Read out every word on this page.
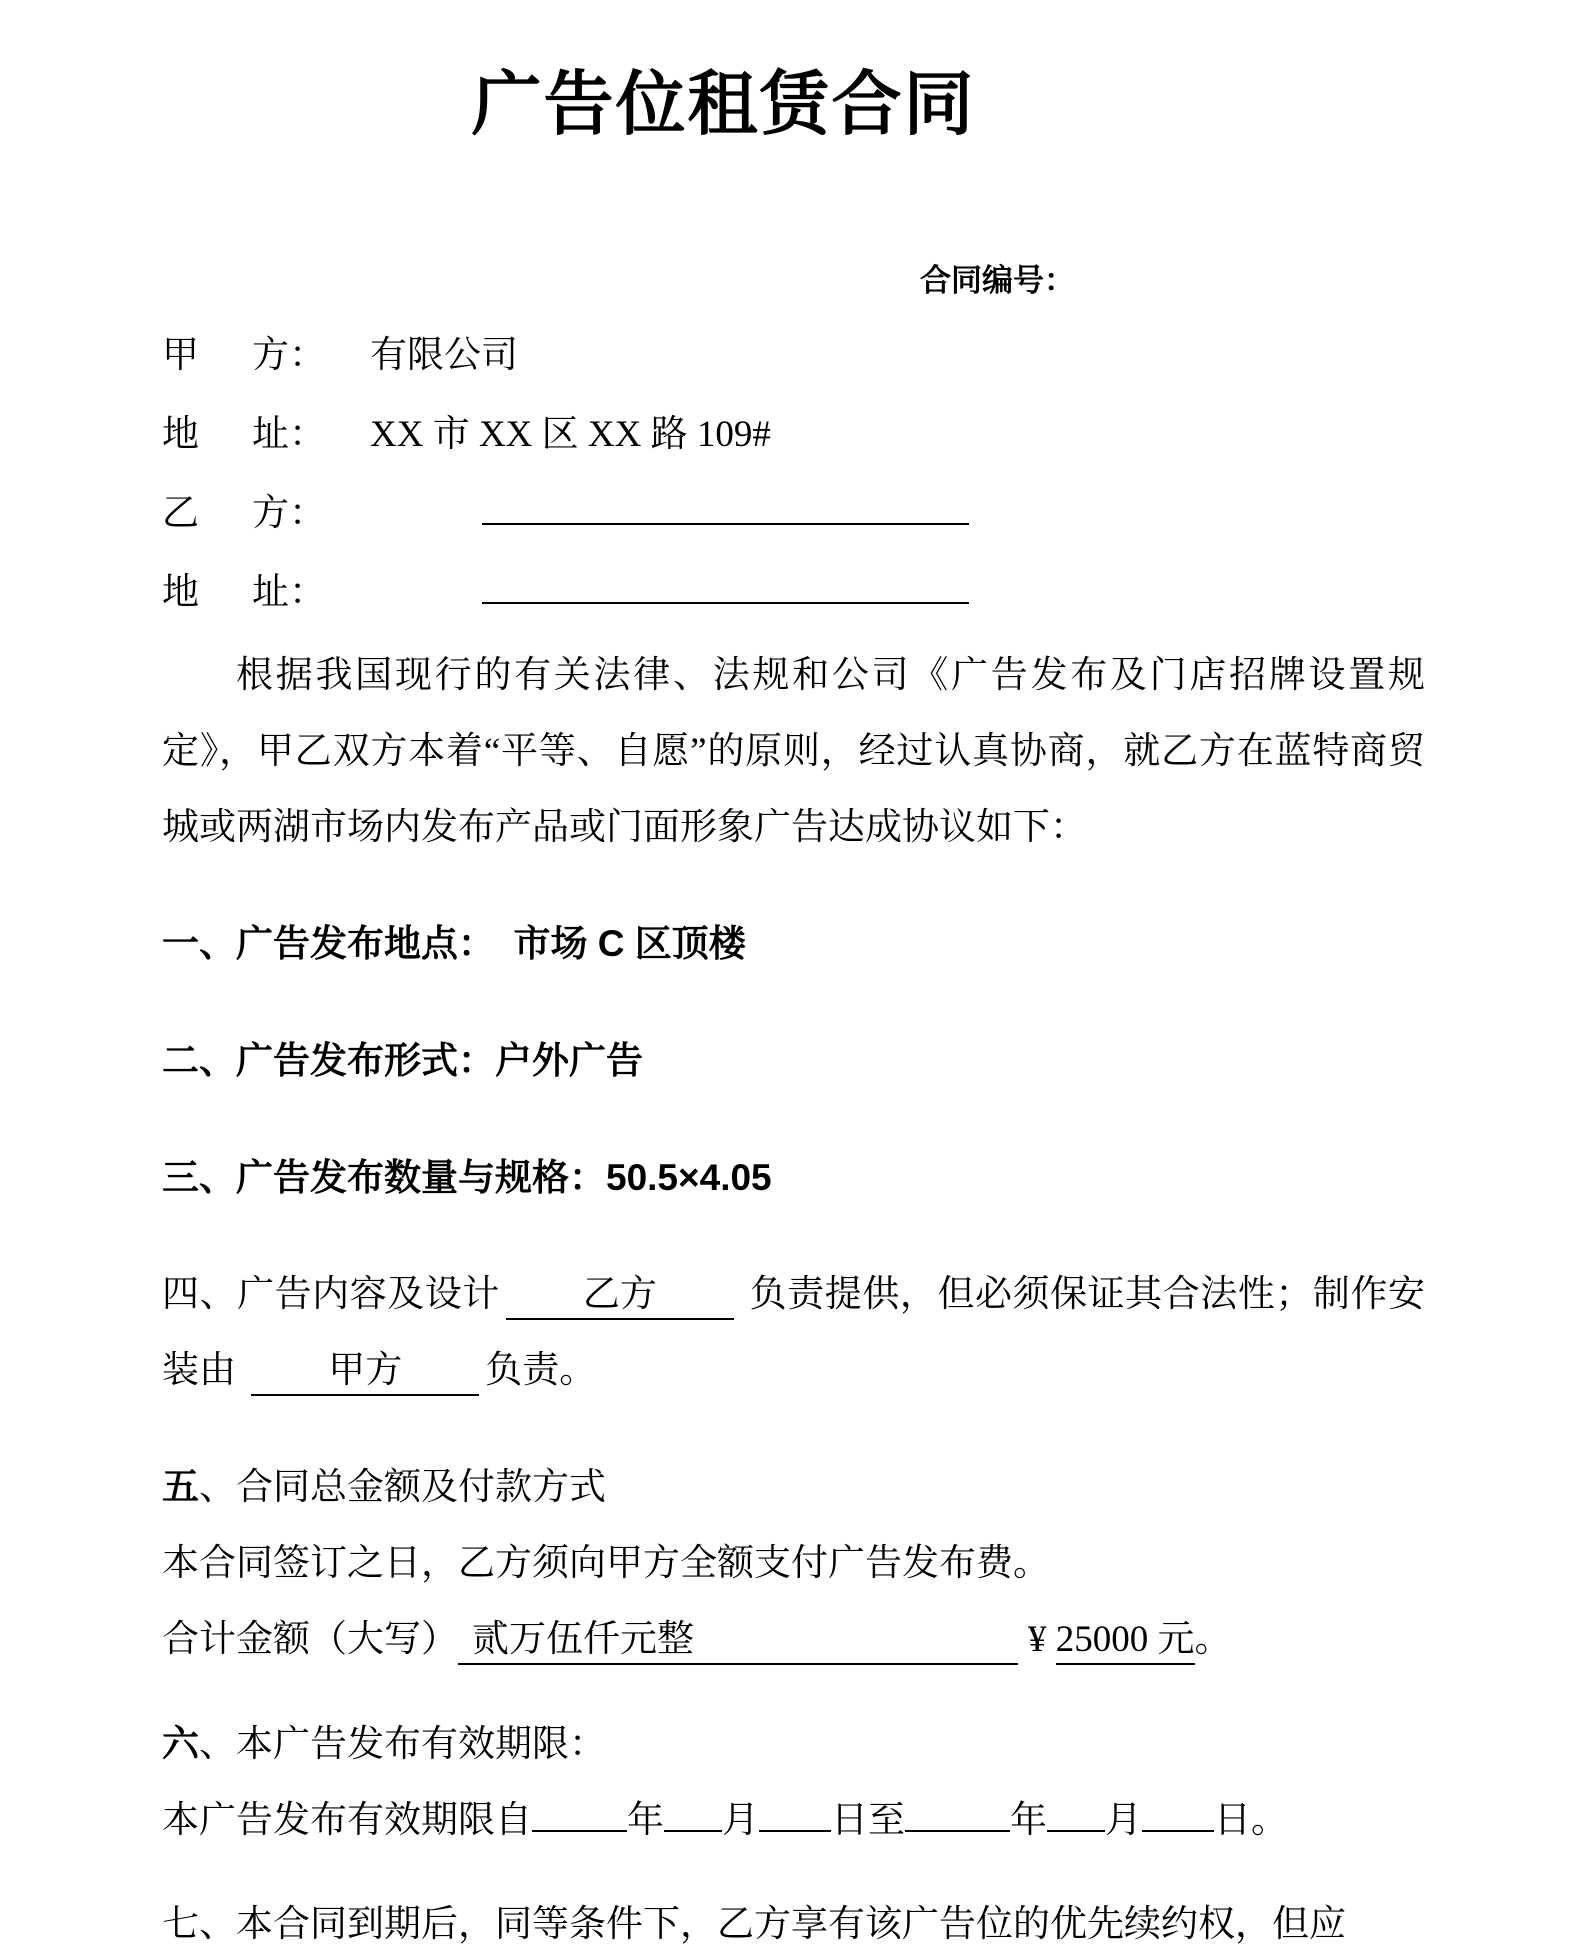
广告位租赁合同
合同编号：
甲 方： 有限公司
地 址： XX 市 XX 区 XX 路 109#
乙 方：
地 址：
根据我国现行的有关法律、法规和公司《广告发布及门店招牌设置规定》，甲乙双方本着“平等、自愿”的原则，经过认真协商，就乙方在蓝特商贸城或两湖市场内发布产品或门面形象广告达成协议如下：
一、广告发布地点：　市场 C 区顶楼
二、广告发布形式：户外广告
三、广告发布数量与规格：50.5×4.05
四、广告内容及设计　乙方　 负责提供，但必须保证其合法性；制作安装由 　甲方　负责。
五、合同总金额及付款方式
本合同签订之日，乙方须向甲方全额支付广告发布费。
合计金额（大写） 贰万伍仟元整	¥ 25000 元。
六、本广告发布有效期限：
本广告发布有效期限自	年 月 日至	年 月 日。
七、本合同到期后，同等条件下，乙方享有该广告位的优先续约权，但应
